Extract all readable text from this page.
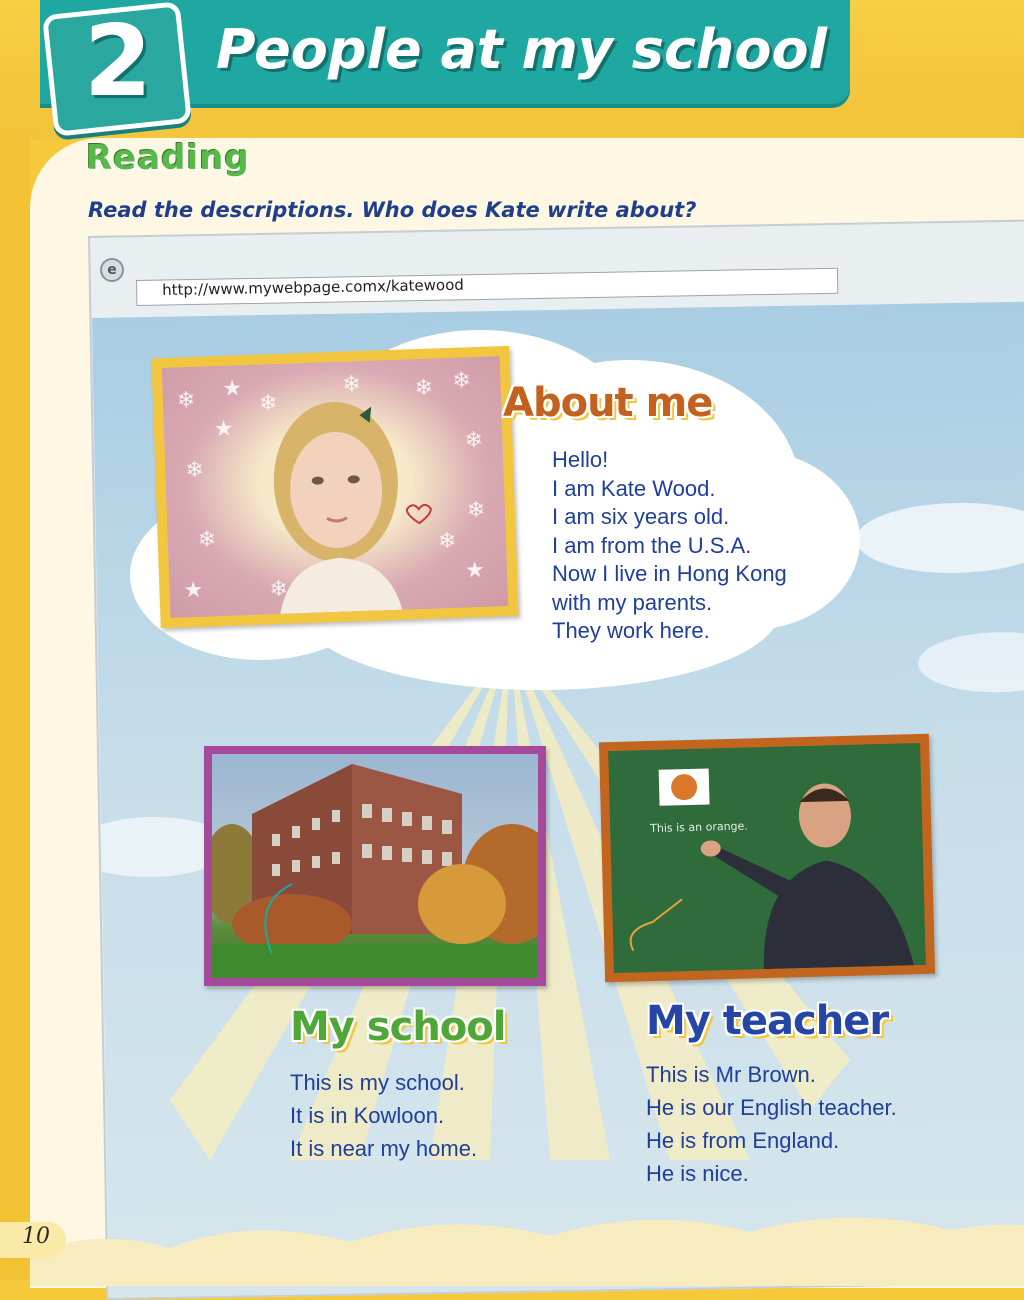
2	People at my school
Reading
Read the descriptions. Who does Kate write about?
e
http://www.mywebpage.comx/katewood
❄ ★
❄
❄ ❄
❄
❄
❄
★
❄
★
❄
★
❄
❄	About me
Hello!
I am Kate Wood.
I am six years old.
I am from the U.S.A.
Now I live in Hong Kong
with my parents.
They work here.
My school
This is my school.
It is in Kowloon.
It is near my home.
This is an orange.
My teacher
This is Mr Brown.
He is our English teacher.
He is from England.
He is nice.
10
